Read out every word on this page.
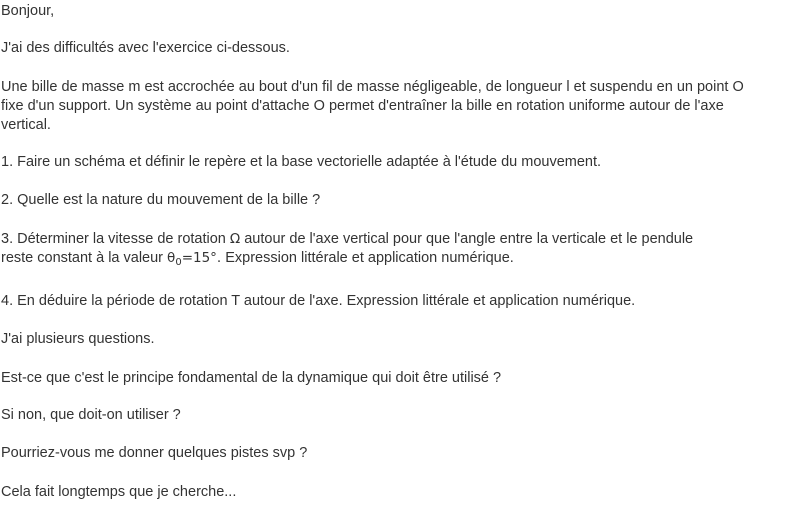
Bonjour,

J'ai des difficultés avec l'exercice ci-dessous.

Une bille de masse m est accrochée au bout d'un fil de masse négligeable, de longueur l et suspendu en un point O

fixe d'un support. Un système au point d'attache O permet d'entraîner la bille en rotation uniforme autour de l'axe

vertical.

1. Faire un schéma et définir le repère et la base vectorielle adaptée à l'étude du mouvement.

2. Quelle est la nature du mouvement de la bille ?

3. Déterminer la vitesse de rotation Ω autour de l'axe vertical pour que l'angle entre la verticale et le pendule

reste constant à la valeur $\theta_0=15^\circ$. Expression littérale et application numérique.

4. En déduire la période de rotation T autour de l'axe. Expression littérale et application numérique.

J'ai plusieurs questions.

Est-ce que c'est le principe fondamental de la dynamique qui doit être utilisé ?

Si non, que doit-on utiliser ?

Pourriez-vous me donner quelques pistes svp ?

Cela fait longtemps que je cherche...
